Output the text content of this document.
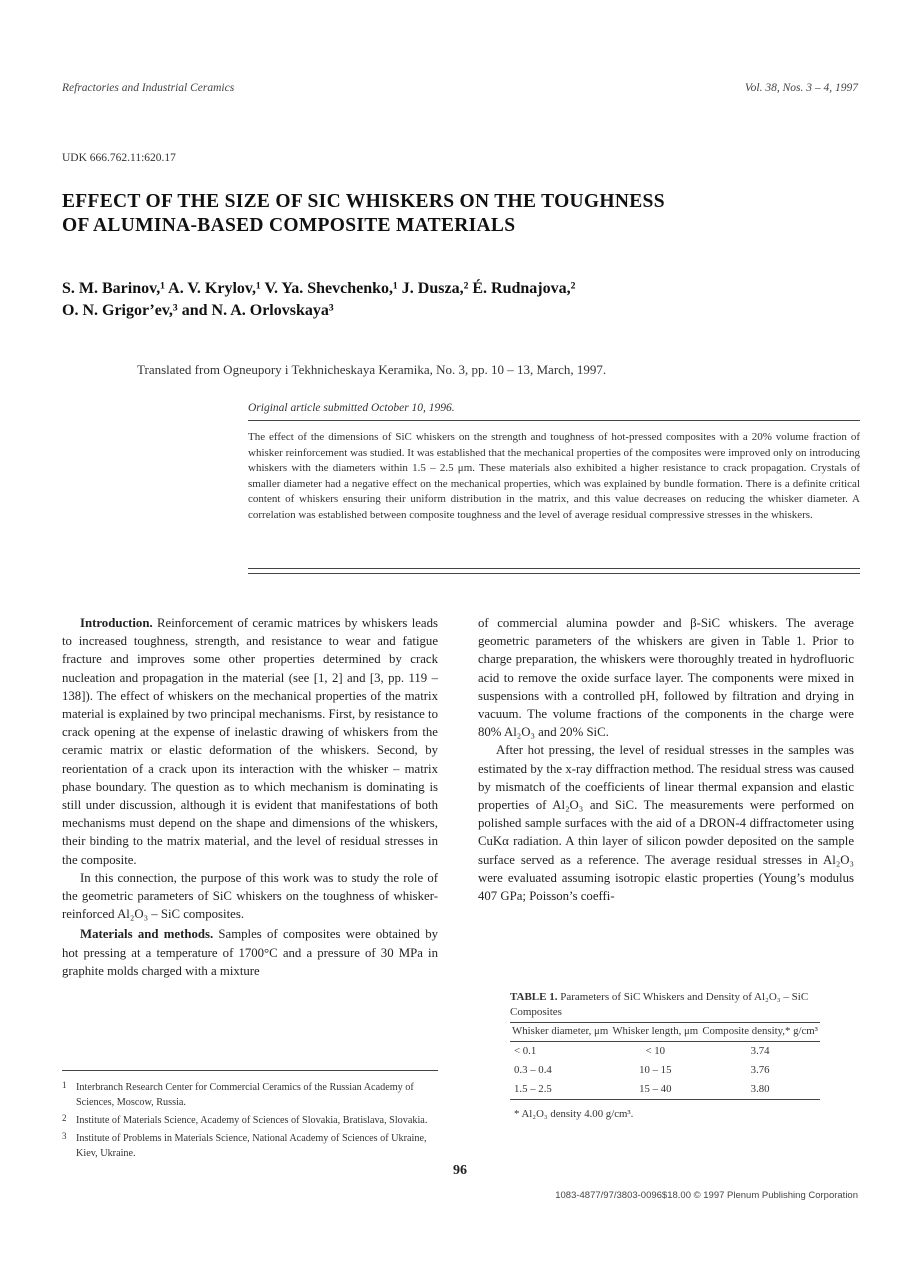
Refractories and Industrial Ceramics	Vol. 38, Nos. 3 – 4, 1997
UDK 666.762.11:620.17
EFFECT OF THE SIZE OF SIC WHISKERS ON THE TOUGHNESS
OF ALUMINA-BASED COMPOSITE MATERIALS
S. M. Barinov,¹ A. V. Krylov,¹ V. Ya. Shevchenko,¹ J. Dusza,² É. Rudnajova,²
O. N. Grigor’ev,³ and N. A. Orlovskaya³
Translated from Ogneupory i Tekhnicheskaya Keramika, No. 3, pp. 10 – 13, March, 1997.
Original article submitted October 10, 1996.
The effect of the dimensions of SiC whiskers on the strength and toughness of hot-pressed composites with a 20% volume fraction of whisker reinforcement was studied. It was established that the mechanical properties of the composites were improved only on introducing whiskers with the diameters within 1.5 – 2.5 μm. These materials also exhibited a higher resistance to crack propagation. Crystals of smaller diameter had a negative effect on the mechanical properties, which was explained by bundle formation. There is a definite critical content of whiskers ensuring their uniform distribution in the matrix, and this value decreases on reducing the whisker diameter. A correlation was established between composite toughness and the level of average residual compressive stresses in the whiskers.

Introduction. Reinforcement of ceramic matrices by whiskers leads to increased toughness, strength, and resistance to wear and fatigue fracture and improves some other properties determined by crack nucleation and propagation in the material (see [1, 2] and [3, pp. 119 – 138]). The effect of whiskers on the mechanical properties of the matrix material is explained by two principal mechanisms. First, by resistance to crack opening at the expense of inelastic drawing of whiskers from the ceramic matrix or elastic deformation of the whiskers. Second, by reorientation of a crack upon its interaction with the whisker – matrix phase boundary. The question as to which mechanism is dominating is still under discussion, although it is evident that manifestations of both mechanisms must depend on the shape and dimensions of the whiskers, their binding to the matrix material, and the level of residual stresses in the composite.

In this connection, the purpose of this work was to study the role of the geometric parameters of SiC whiskers on the toughness of whisker-reinforced Al₂O₃ – SiC composites.

Materials and methods. Samples of composites were obtained by hot pressing at a temperature of 1700°C and a pressure of 30 MPa in graphite molds charged with a mixture

of commercial alumina powder and β-SiC whiskers. The average geometric parameters of the whiskers are given in Table 1. Prior to charge preparation, the whiskers were thoroughly treated in hydrofluoric acid to remove the oxide surface layer. The components were mixed in suspensions with a controlled pH, followed by filtration and drying in vacuum. The volume fractions of the components in the charge were 80% Al₂O₃ and 20% SiC.

After hot pressing, the level of residual stresses in the samples was estimated by the x-ray diffraction method. The residual stress was caused by mismatch of the coefficients of linear thermal expansion and elastic properties of Al₂O₃ and SiC. The measurements were performed on polished sample surfaces with the aid of a DRON-4 diffractometer using CuKα radiation. A thin layer of silicon powder deposited on the sample surface served as a reference. The average residual stresses in Al₂O₃ were evaluated assuming isotropic elastic properties (Young’s modulus 407 GPa; Poisson’s coeffi-

1 Interbranch Research Center for Commercial Ceramics of the Russian Academy of Sciences, Moscow, Russia.
2 Institute of Materials Science, Academy of Sciences of Slovakia, Bratislava, Slovakia.
3 Institute of Problems in Materials Science, National Academy of Sciences of Ukraine, Kiev, Ukraine.
TABLE 1. Parameters of SiC Whiskers and Density of Al₂O₃ – SiC Composites
Whisker diameter, μm	Whisker length, μm	Composite density,* g/cm³
< 0.1	< 10	3.74
0.3 – 0.4	10 – 15	3.76
1.5 – 2.5	15 – 40	3.80
* Al₂O₃ density 4.00 g/cm³.
96
1083-4877/97/3803-0096$18.00 © 1997 Plenum Publishing Corporation
